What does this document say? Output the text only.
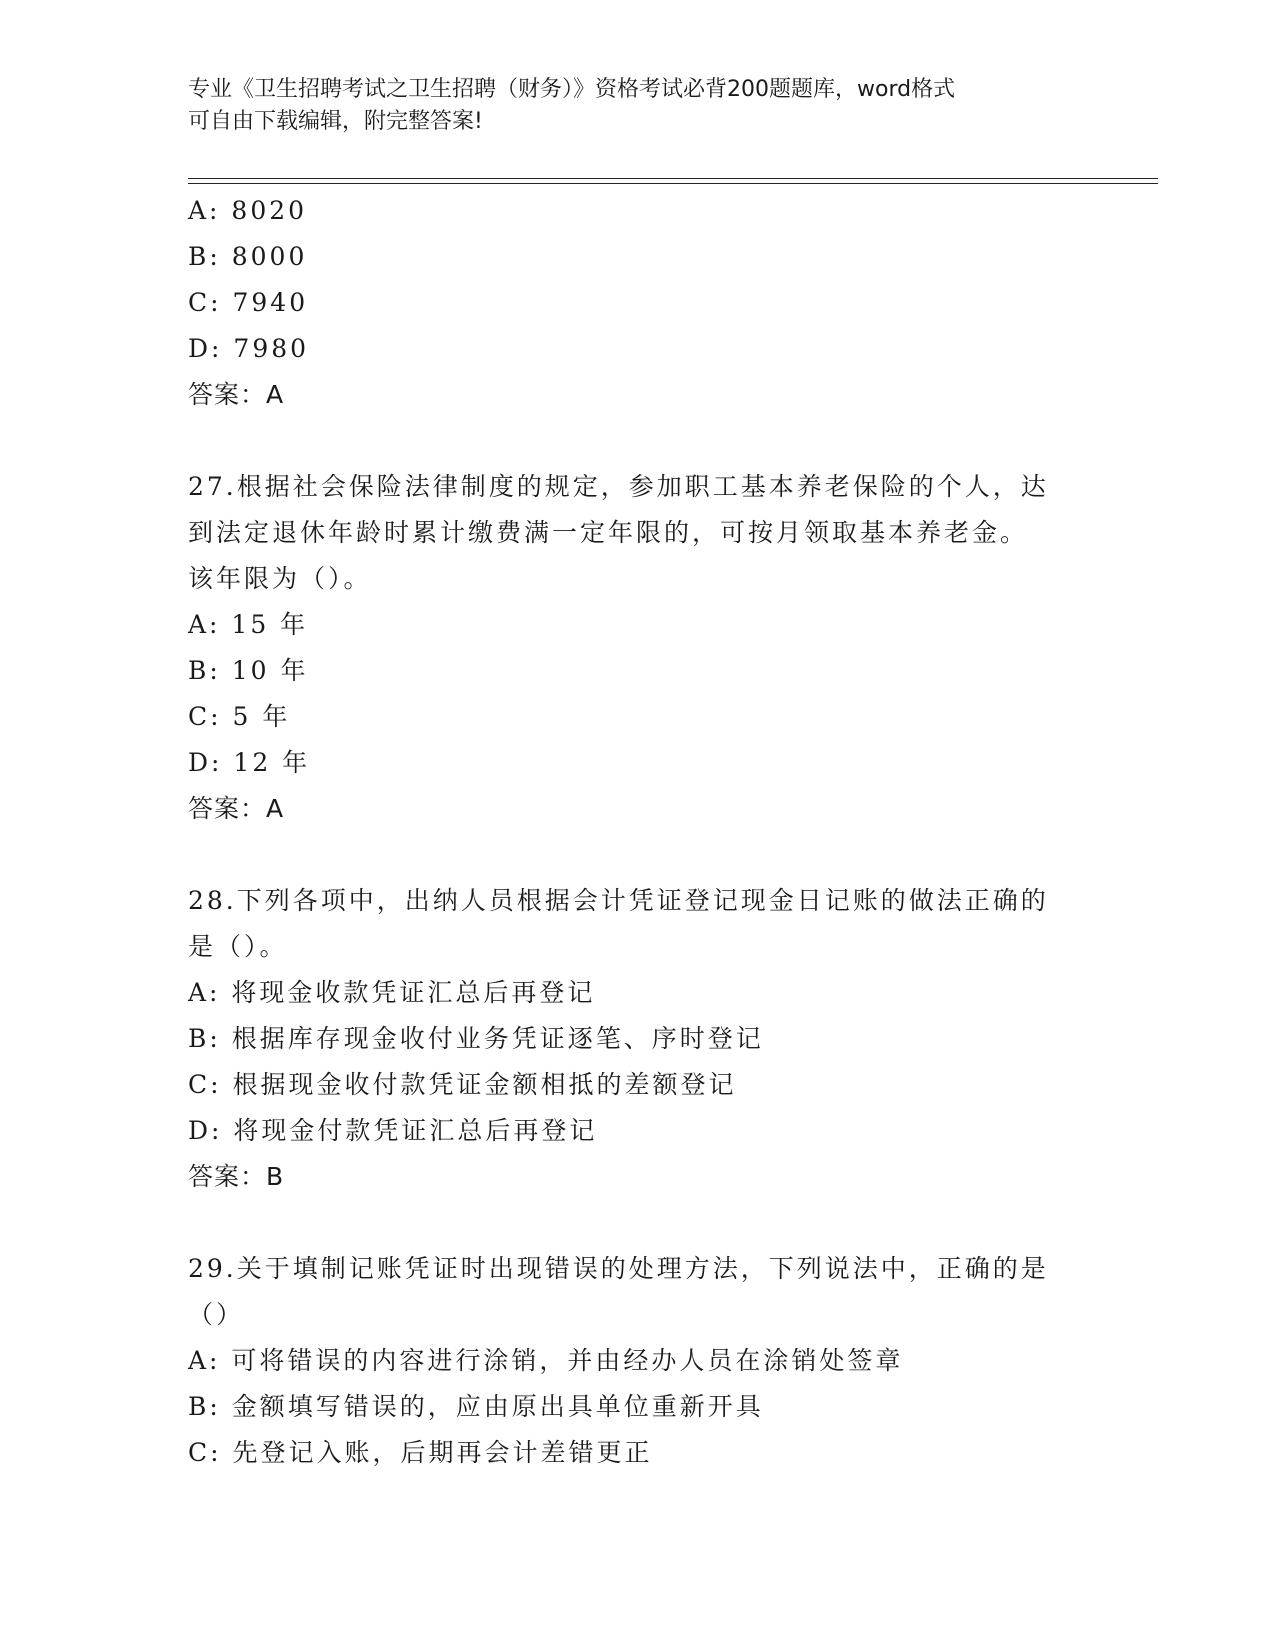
专业《卫生招聘考试之卫生招聘（财务）》资格考试必背200题题库，word格式
可自由下载编辑，附完整答案!
A: 8020
B: 8000
C: 7940
D: 7980
答案：A
27.根据社会保险法律制度的规定，参加职工基本养老保险的个人，达
到法定退休年龄时累计缴费满一定年限的，可按月领取基本养老金。
该年限为（）。
A: 15 年
B: 10 年
C: 5 年
D: 12 年
答案：A
28.下列各项中，出纳人员根据会计凭证登记现金日记账的做法正确的
是（）。
A: 将现金收款凭证汇总后再登记
B: 根据库存现金收付业务凭证逐笔、序时登记
C: 根据现金收付款凭证金额相抵的差额登记
D: 将现金付款凭证汇总后再登记
答案：B
29.关于填制记账凭证时出现错误的处理方法，下列说法中，正确的是
（）
A: 可将错误的内容进行涂销，并由经办人员在涂销处签章
B: 金额填写错误的，应由原出具单位重新开具
C: 先登记入账，后期再会计差错更正
